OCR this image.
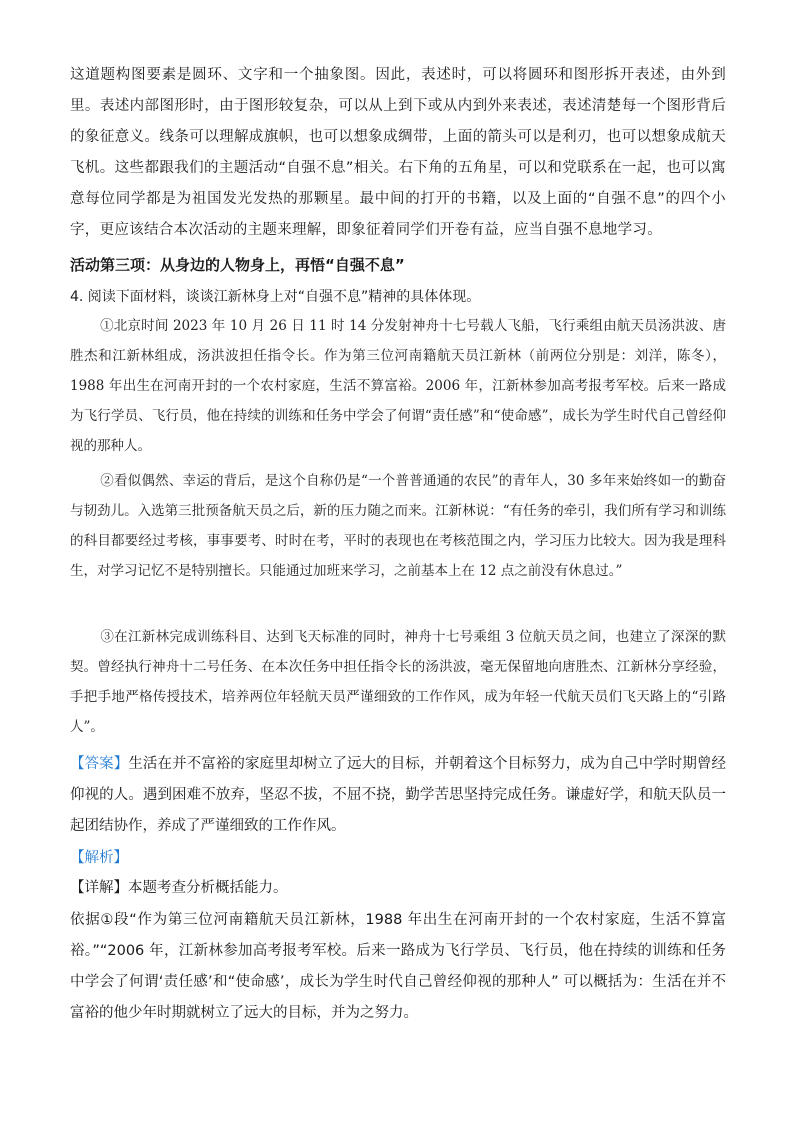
这道题构图要素是圆环、文字和一个抽象图。因此，表述时，可以将圆环和图形拆开表述，由外到里。表述内部图形时，由于图形较复杂，可以从上到下或从内到外来表述，表述清楚每一个图形背后的象征意义。线条可以理解成旗帜，也可以想象成绸带，上面的箭头可以是利刃，也可以想象成航天飞机。这些都跟我们的主题活动“自强不息”相关。右下角的五角星，可以和党联系在一起，也可以寓意每位同学都是为祖国发光发热的那颗星。最中间的打开的书籍，以及上面的“自强不息”的四个小字，更应该结合本次活动的主题来理解，即象征着同学们开卷有益，应当自强不息地学习。
活动第三项：从身边的人物身上，再悟“自强不息”
4. 阅读下面材料，谈谈江新林身上对“自强不息”精神的具体体现。
①北京时间 2023 年 10 月 26 日 11 时 14 分发射神舟十七号载人飞船，飞行乘组由航天员汤洪波、唐胜杰和江新林组成，汤洪波担任指令长。作为第三位河南籍航天员江新林（前两位分别是：刘洋，陈冬），1988 年出生在河南开封的一个农村家庭，生活不算富裕。2006 年，江新林参加高考报考军校。后来一路成为飞行学员、飞行员，他在持续的训练和任务中学会了何谓“责任感”和“使命感”，成长为学生时代自己曾经仰视的那种人。
②看似偶然、幸运的背后，是这个自称仍是“一个普普通通的农民”的青年人，30 多年来始终如一的勤奋与韧劲儿。入选第三批预备航天员之后，新的压力随之而来。江新林说：“有任务的牵引，我们所有学习和训练的科目都要经过考核，事事要考、时时在考，平时的表现也在考核范围之内，学习压力比较大。因为我是理科生，对学习记忆不是特别擅长。只能通过加班来学习，之前基本上在 12 点之前没有休息过。”
③在江新林完成训练科目、达到飞天标准的同时，神舟十七号乘组 3 位航天员之间，也建立了深深的默契。曾经执行神舟十二号任务、在本次任务中担任指令长的汤洪波，毫无保留地向唐胜杰、江新林分享经验，手把手地严格传授技术，培养两位年轻航天员严谨细致的工作作风，成为年轻一代航天员们飞天路上的“引路人”。
【答案】生活在并不富裕的家庭里却树立了远大的目标，并朝着这个目标努力，成为自己中学时期曾经仰视的人。遇到困难不放弃，坚忍不拔，不屈不挠，勤学苦思坚持完成任务。谦虚好学，和航天队员一起团结协作，养成了严谨细致的工作作风。
【解析】
【详解】本题考查分析概括能力。
依据①段“作为第三位河南籍航天员江新林，1988 年出生在河南开封的一个农村家庭，生活不算富裕。”“2006 年，江新林参加高考报考军校。后来一路成为飞行学员、飞行员，他在持续的训练和任务中学会了何谓‘责任感’和“使命感’，成长为学生时代自己曾经仰视的那种人” 可以概括为：生活在并不富裕的他少年时期就树立了远大的目标，并为之努力。
